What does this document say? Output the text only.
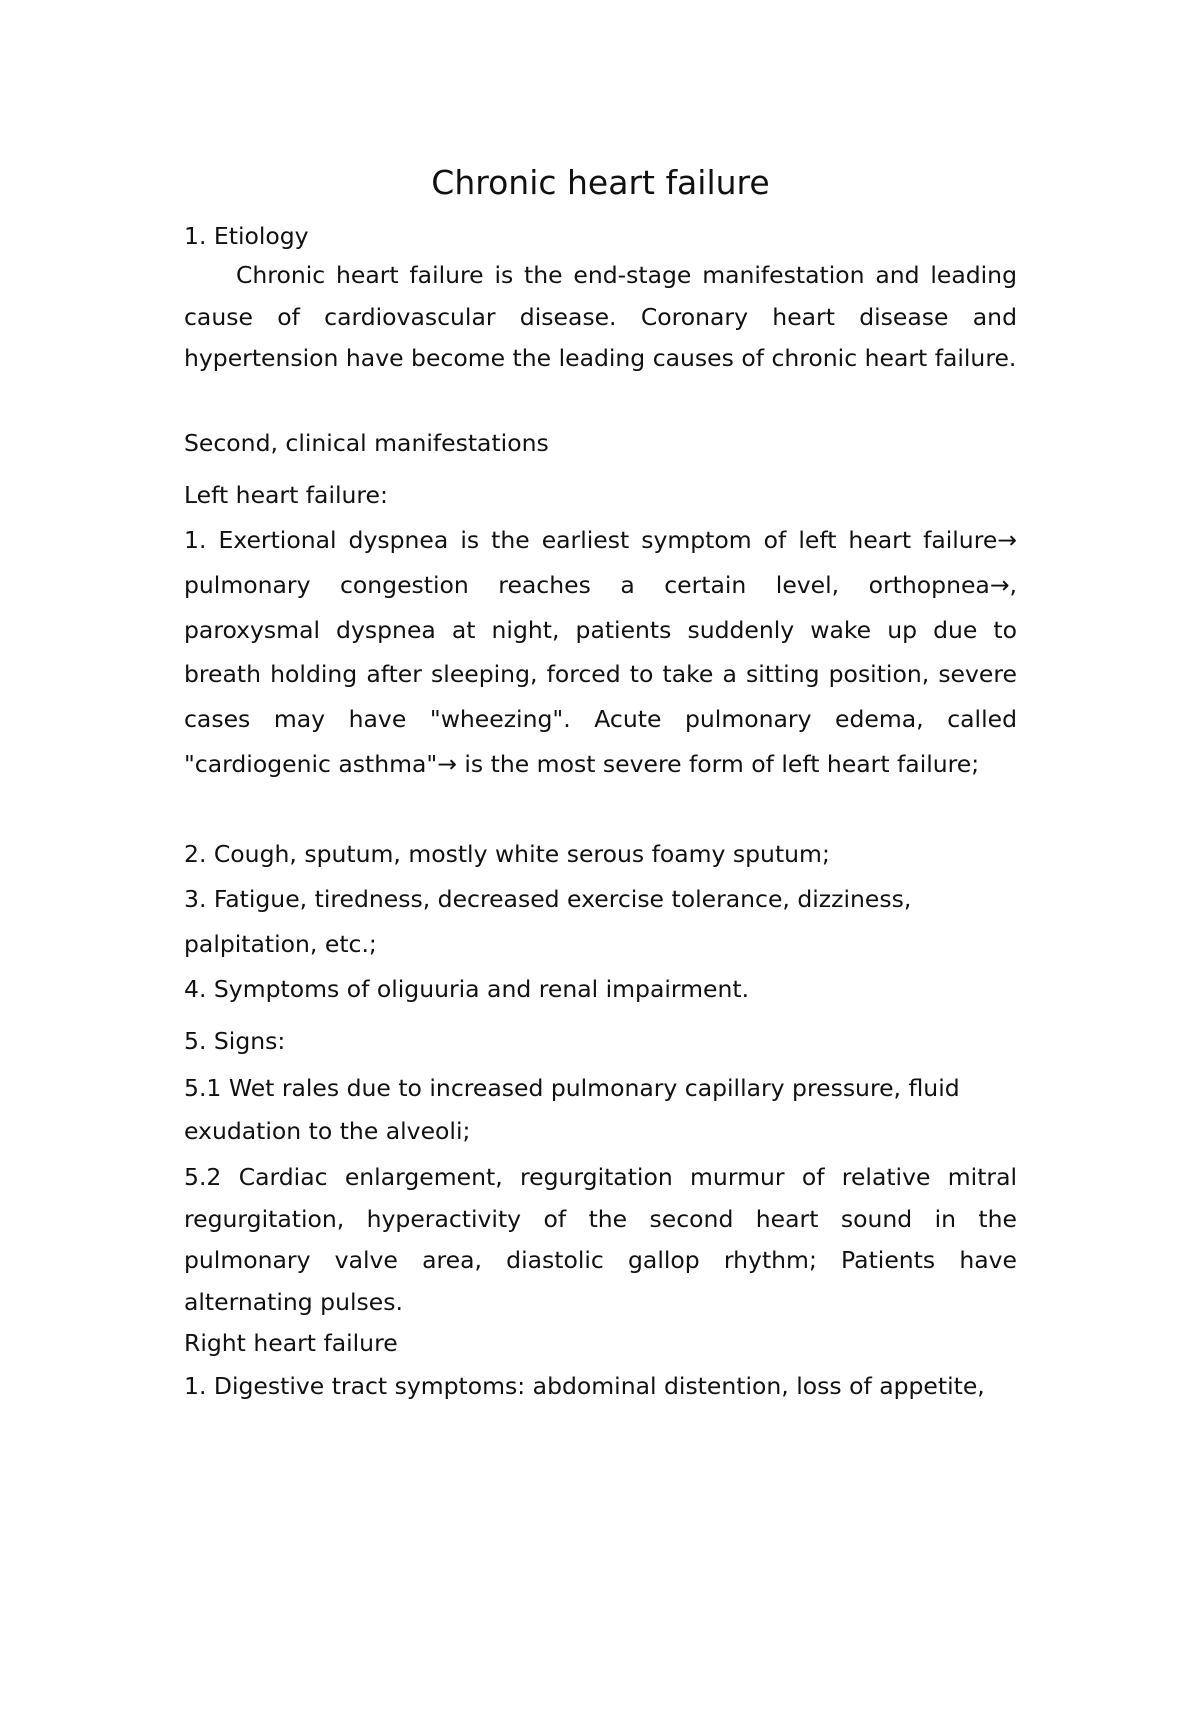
Chronic heart failure

1. Etiology

Chronic heart failure is the end-stage manifestation and leading cause of cardiovascular disease. Coronary heart disease and hypertension have become the leading causes of chronic heart failure.

Second, clinical manifestations

Left heart failure:

1. Exertional dyspnea is the earliest symptom of left heart failure→ pulmonary congestion reaches a certain level, orthopnea→, paroxysmal dyspnea at night, patients suddenly wake up due to breath holding after sleeping, forced to take a sitting position, severe cases may have "wheezing". Acute pulmonary edema, called "cardiogenic asthma"→ is the most severe form of left heart failure;

2. Cough, sputum, mostly white serous foamy sputum;

3. Fatigue, tiredness, decreased exercise tolerance, dizziness, palpitation, etc.;

4. Symptoms of oliguuria and renal impairment.

5. Signs:

5.1 Wet rales due to increased pulmonary capillary pressure, fluid exudation to the alveoli;

5.2 Cardiac enlargement, regurgitation murmur of relative mitral regurgitation, hyperactivity of the second heart sound in the pulmonary valve area, diastolic gallop rhythm; Patients have alternating pulses.

Right heart failure

1. Digestive tract symptoms: abdominal distention, loss of appetite,
